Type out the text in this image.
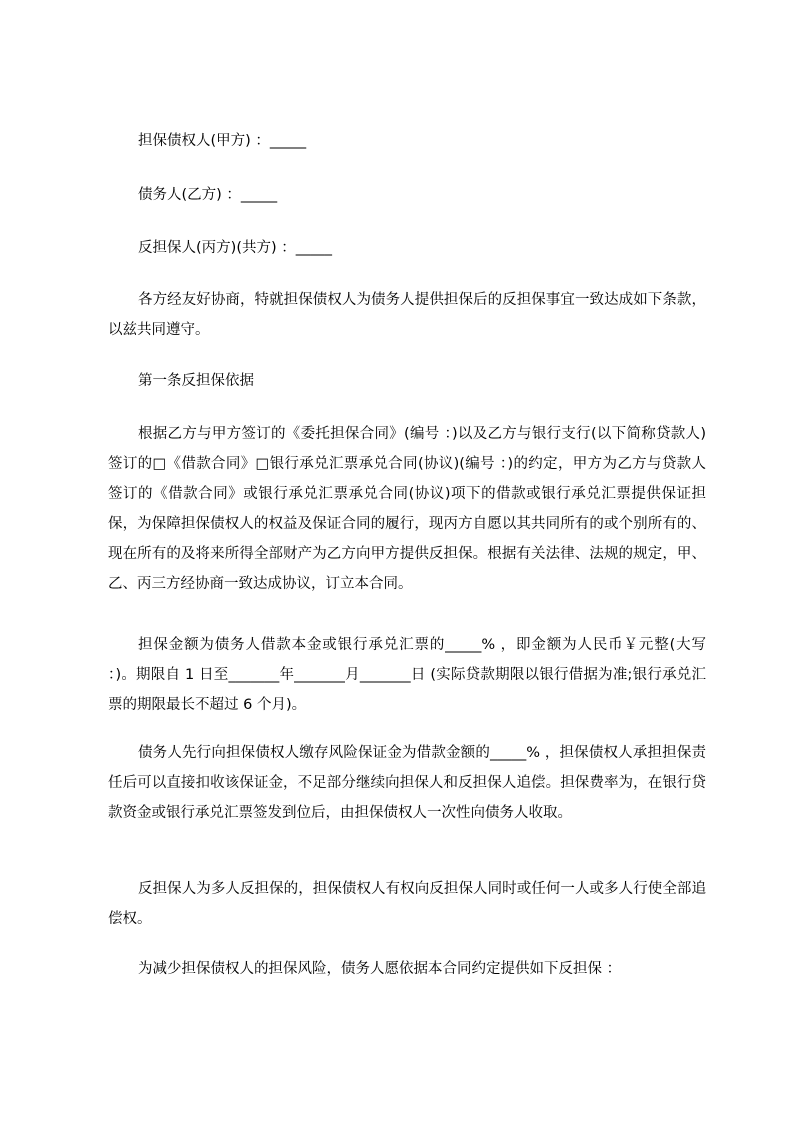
担保债权人(甲方) ：_____

债务人(乙方) ：_____

反担保人(丙方)(共方) ：_____

各方经友好协商，特就担保债权人为债务人提供担保后的反担保事宜一致达成如下条款，以兹共同遵守。

第一条反担保依据

根据乙方与甲方签订的《委托担保合同》(编号 ：)以及乙方与银行支行(以下简称贷款人)签订的□《借款合同》□银行承兑汇票承兑合同(协议)(编号 ：)的约定，甲方为乙方与贷款人签订的《借款合同》或银行承兑汇票承兑合同(协议)项下的借款或银行承兑汇票提供保证担保，为保障担保债权人的权益及保证合同的履行，现丙方自愿以其共同所有的或个别所有的、现在所有的及将来所得全部财产为乙方向甲方提供反担保。根据有关法律、法规的规定，甲、乙、丙三方经协商一致达成协议，订立本合同。

担保金额为债务人借款本金或银行承兑汇票的_____% ，即金额为人民币￥元整(大写 ：)。期限自 1 日至_______年_______月_______日 (实际贷款期限以银行借据为准;银行承兑汇票的期限最长不超过 6 个月)。

债务人先行向担保债权人缴存风险保证金为借款金额的_____% ，担保债权人承担担保责任后可以直接扣收该保证金，不足部分继续向担保人和反担保人追偿。担保费率为，在银行贷款资金或银行承兑汇票签发到位后，由担保债权人一次性向债务人收取。

反担保人为多人反担保的，担保债权人有权向反担保人同时或任何一人或多人行使全部追偿权。

为减少担保债权人的担保风险，债务人愿依据本合同约定提供如下反担保 ：
